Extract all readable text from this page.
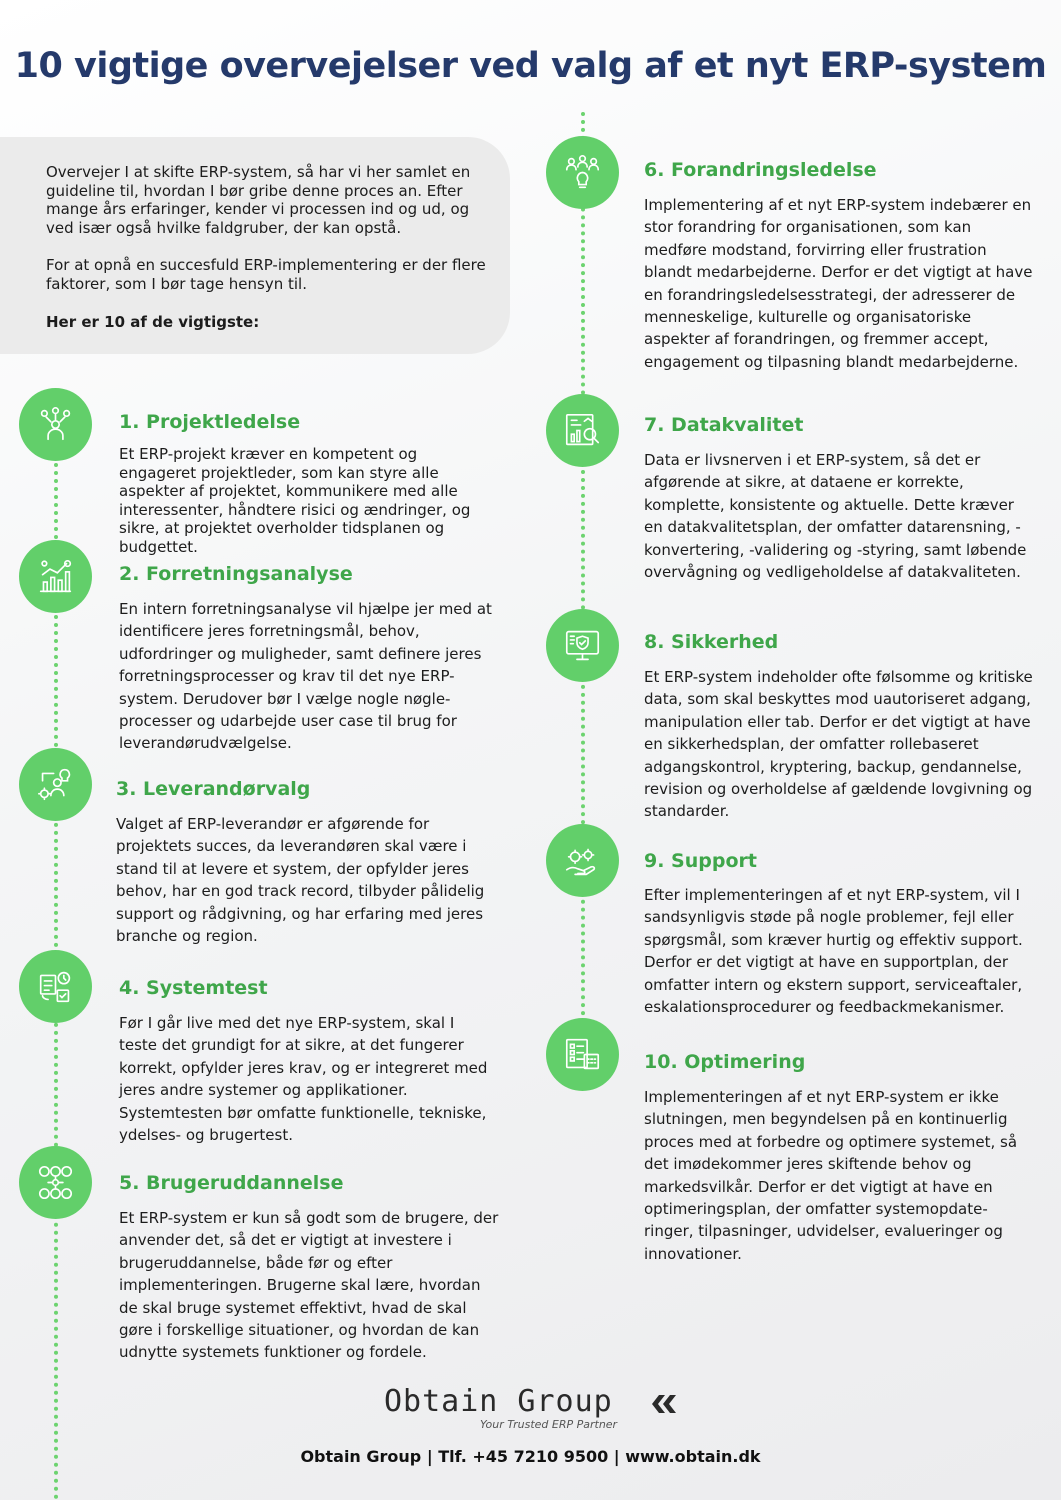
10 vigtige overvejelser ved valg af et nyt ERP-system

Overvejer I at skifte ERP-system, så har vi her samlet en guideline til, hvordan I bør gribe denne proces an. Efter mange års erfaringer, kender vi processen ind og ud, og ved især også hvilke faldgruber, der kan opstå.

For at opnå en succesfuld ERP-implementering er der flere faktorer, som I bør tage hensyn til.

Her er 10 af de vigtigste:

1. Projektledelse

Et ERP-projekt kræver en kompetent og engageret projektleder, som kan styre alle aspekter af projektet, kommunikere med alle interessenter, håndtere risici og ændringer, og sikre, at projektet overholder tidsplanen og budgettet.

2. Forretningsanalyse

En intern forretningsanalyse vil hjælpe jer med at identificere jeres forretningsmål, behov, udfordringer og muligheder, samt definere jeres forretningsprocesser og krav til det nye ERP-system. Derudover bør I vælge nogle nøgle-processer og udarbejde user case til brug for leverandørudvælgelse.

3. Leverandørvalg

Valget af ERP-leverandør er afgørende for projektets succes, da leverandøren skal være i stand til at levere et system, der opfylder jeres behov, har en god track record, tilbyder pålidelig support og rådgivning, og har erfaring med jeres branche og region.

4. Systemtest

Før I går live med det nye ERP-system, skal I teste det grundigt for at sikre, at det fungerer korrekt, opfylder jeres krav, og er integreret med jeres andre systemer og applikationer. Systemtesten bør omfatte funktionelle, tekniske, ydelses- og brugertest.

5. Brugeruddannelse

Et ERP-system er kun så godt som de brugere, der anvender det, så det er vigtigt at investere i brugeruddannelse, både før og efter implementeringen. Brugerne skal lære, hvordan de skal bruge systemet effektivt, hvad de skal gøre i forskellige situationer, og hvordan de kan udnytte systemets funktioner og fordele.

6. Forandringsledelse

Implementering af et nyt ERP-system indebærer en stor forandring for organisationen, som kan medføre modstand, forvirring eller frustration blandt medarbejderne. Derfor er det vigtigt at have en forandringsledelsesstrategi, der adresserer de menneskelige, kulturelle og organisatoriske aspekter af forandringen, og fremmer accept, engagement og tilpasning blandt medarbejderne.

7. Datakvalitet

Data er livsnerven i et ERP-system, så det er afgørende at sikre, at dataene er korrekte, komplette, konsistente og aktuelle. Dette kræver en datakvalitetsplan, der omfatter datarensning, -konvertering, -validering og -styring, samt løbende overvågning og vedligeholdelse af datakvaliteten.

8. Sikkerhed

Et ERP-system indeholder ofte følsomme og kritiske data, som skal beskyttes mod uautoriseret adgang, manipulation eller tab. Derfor er det vigtigt at have en sikkerhedsplan, der omfatter rollebaseret adgangskontrol, kryptering, backup, gendannelse, revision og overholdelse af gældende lovgivning og standarder.

9. Support

Efter implementeringen af et nyt ERP-system, vil I sandsynligvis støde på nogle problemer, fejl eller spørgsmål, som kræver hurtig og effektiv support. Derfor er det vigtigt at have en supportplan, der omfatter intern og ekstern support, serviceaftaler, eskalationsprocedurer og feedbackmekanismer.

10. Optimering

Implementeringen af et nyt ERP-system er ikke slutningen, men begyndelsen på en kontinuerlig proces med at forbedre og optimere systemet, så det imødekommer jeres skiftende behov og markedsvilkår. Derfor er det vigtigt at have en optimeringsplan, der omfatter systemopdate-ringer, tilpasninger, udvidelser, evalueringer og innovationer.

Obtain Group
Your Trusted ERP Partner

Obtain Group | Tlf. +45 7210 9500 | www.obtain.dk
